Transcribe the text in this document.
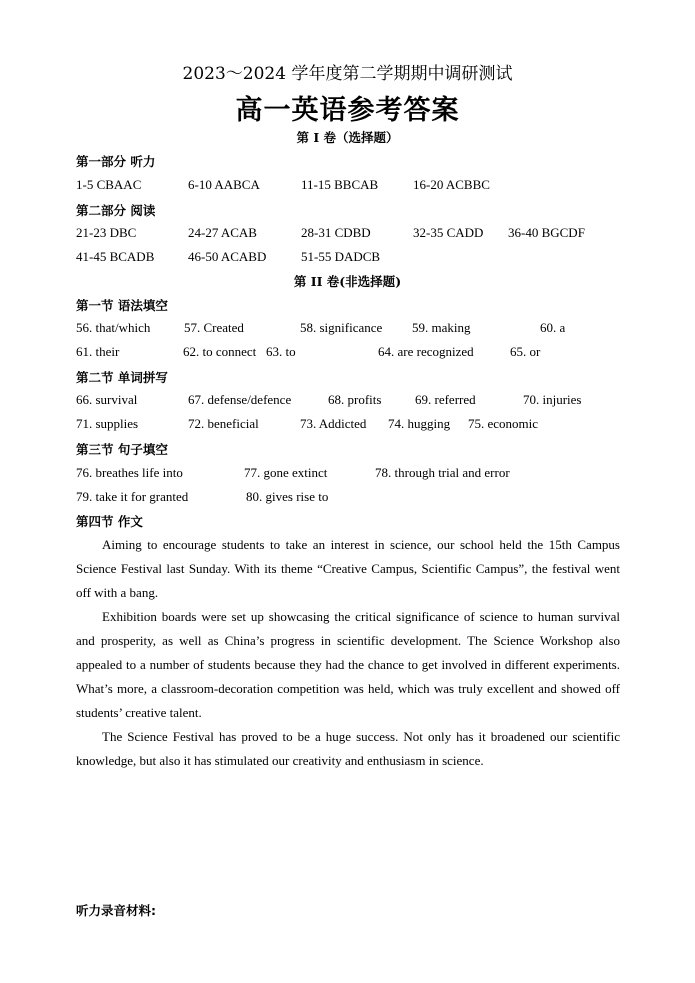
2023～2024 学年度第二学期期中调研测试
高一英语参考答案
第 I 卷（选择题）
第一部分 听力
1-5 CBAAC	6-10 AABCA	11-15 BBCAB	16-20 ACBBC
第二部分 阅读
21-23 DBC	24-27 ACAB	28-31 CDBD	32-35 CADD 36-40 BGCDF
41-45 BCADB	46-50 ACABD	51-55 DADCB
第 II 卷(非选择题)
第一节 语法填空
56. that/which	57. Created	58. significance 59. making	60. a
61. their	62. to connect 63. to	64. are recognized	65. or
第二节 单词拼写
66. survival	67. defense/defence	68. profits	69. referred	70. injuries
71. supplies	72. beneficial	73. Addicted 74. hugging 75. economic
第三节 句子填空
76. breathes life into	77. gone extinct	78. through trial and error
79. take it for granted	80. gives rise to
第四节 作文

Aiming to encourage students to take an interest in science, our school held the 15th Campus Science Festival last Sunday. With its theme “Creative Campus, Scientific Campus”, the festival went off with a bang.

Exhibition boards were set up showcasing the critical significance of science to human survival and prosperity, as well as China’s progress in scientific development. The Science Workshop also appealed to a number of students because they had the chance to get involved in different experiments. What’s more, a classroom-decoration competition was held, which was truly excellent and showed off students’ creative talent.

The Science Festival has proved to be a huge success. Not only has it broadened our scientific knowledge, but also it has stimulated our creativity and enthusiasm in science.

听力录音材料:
